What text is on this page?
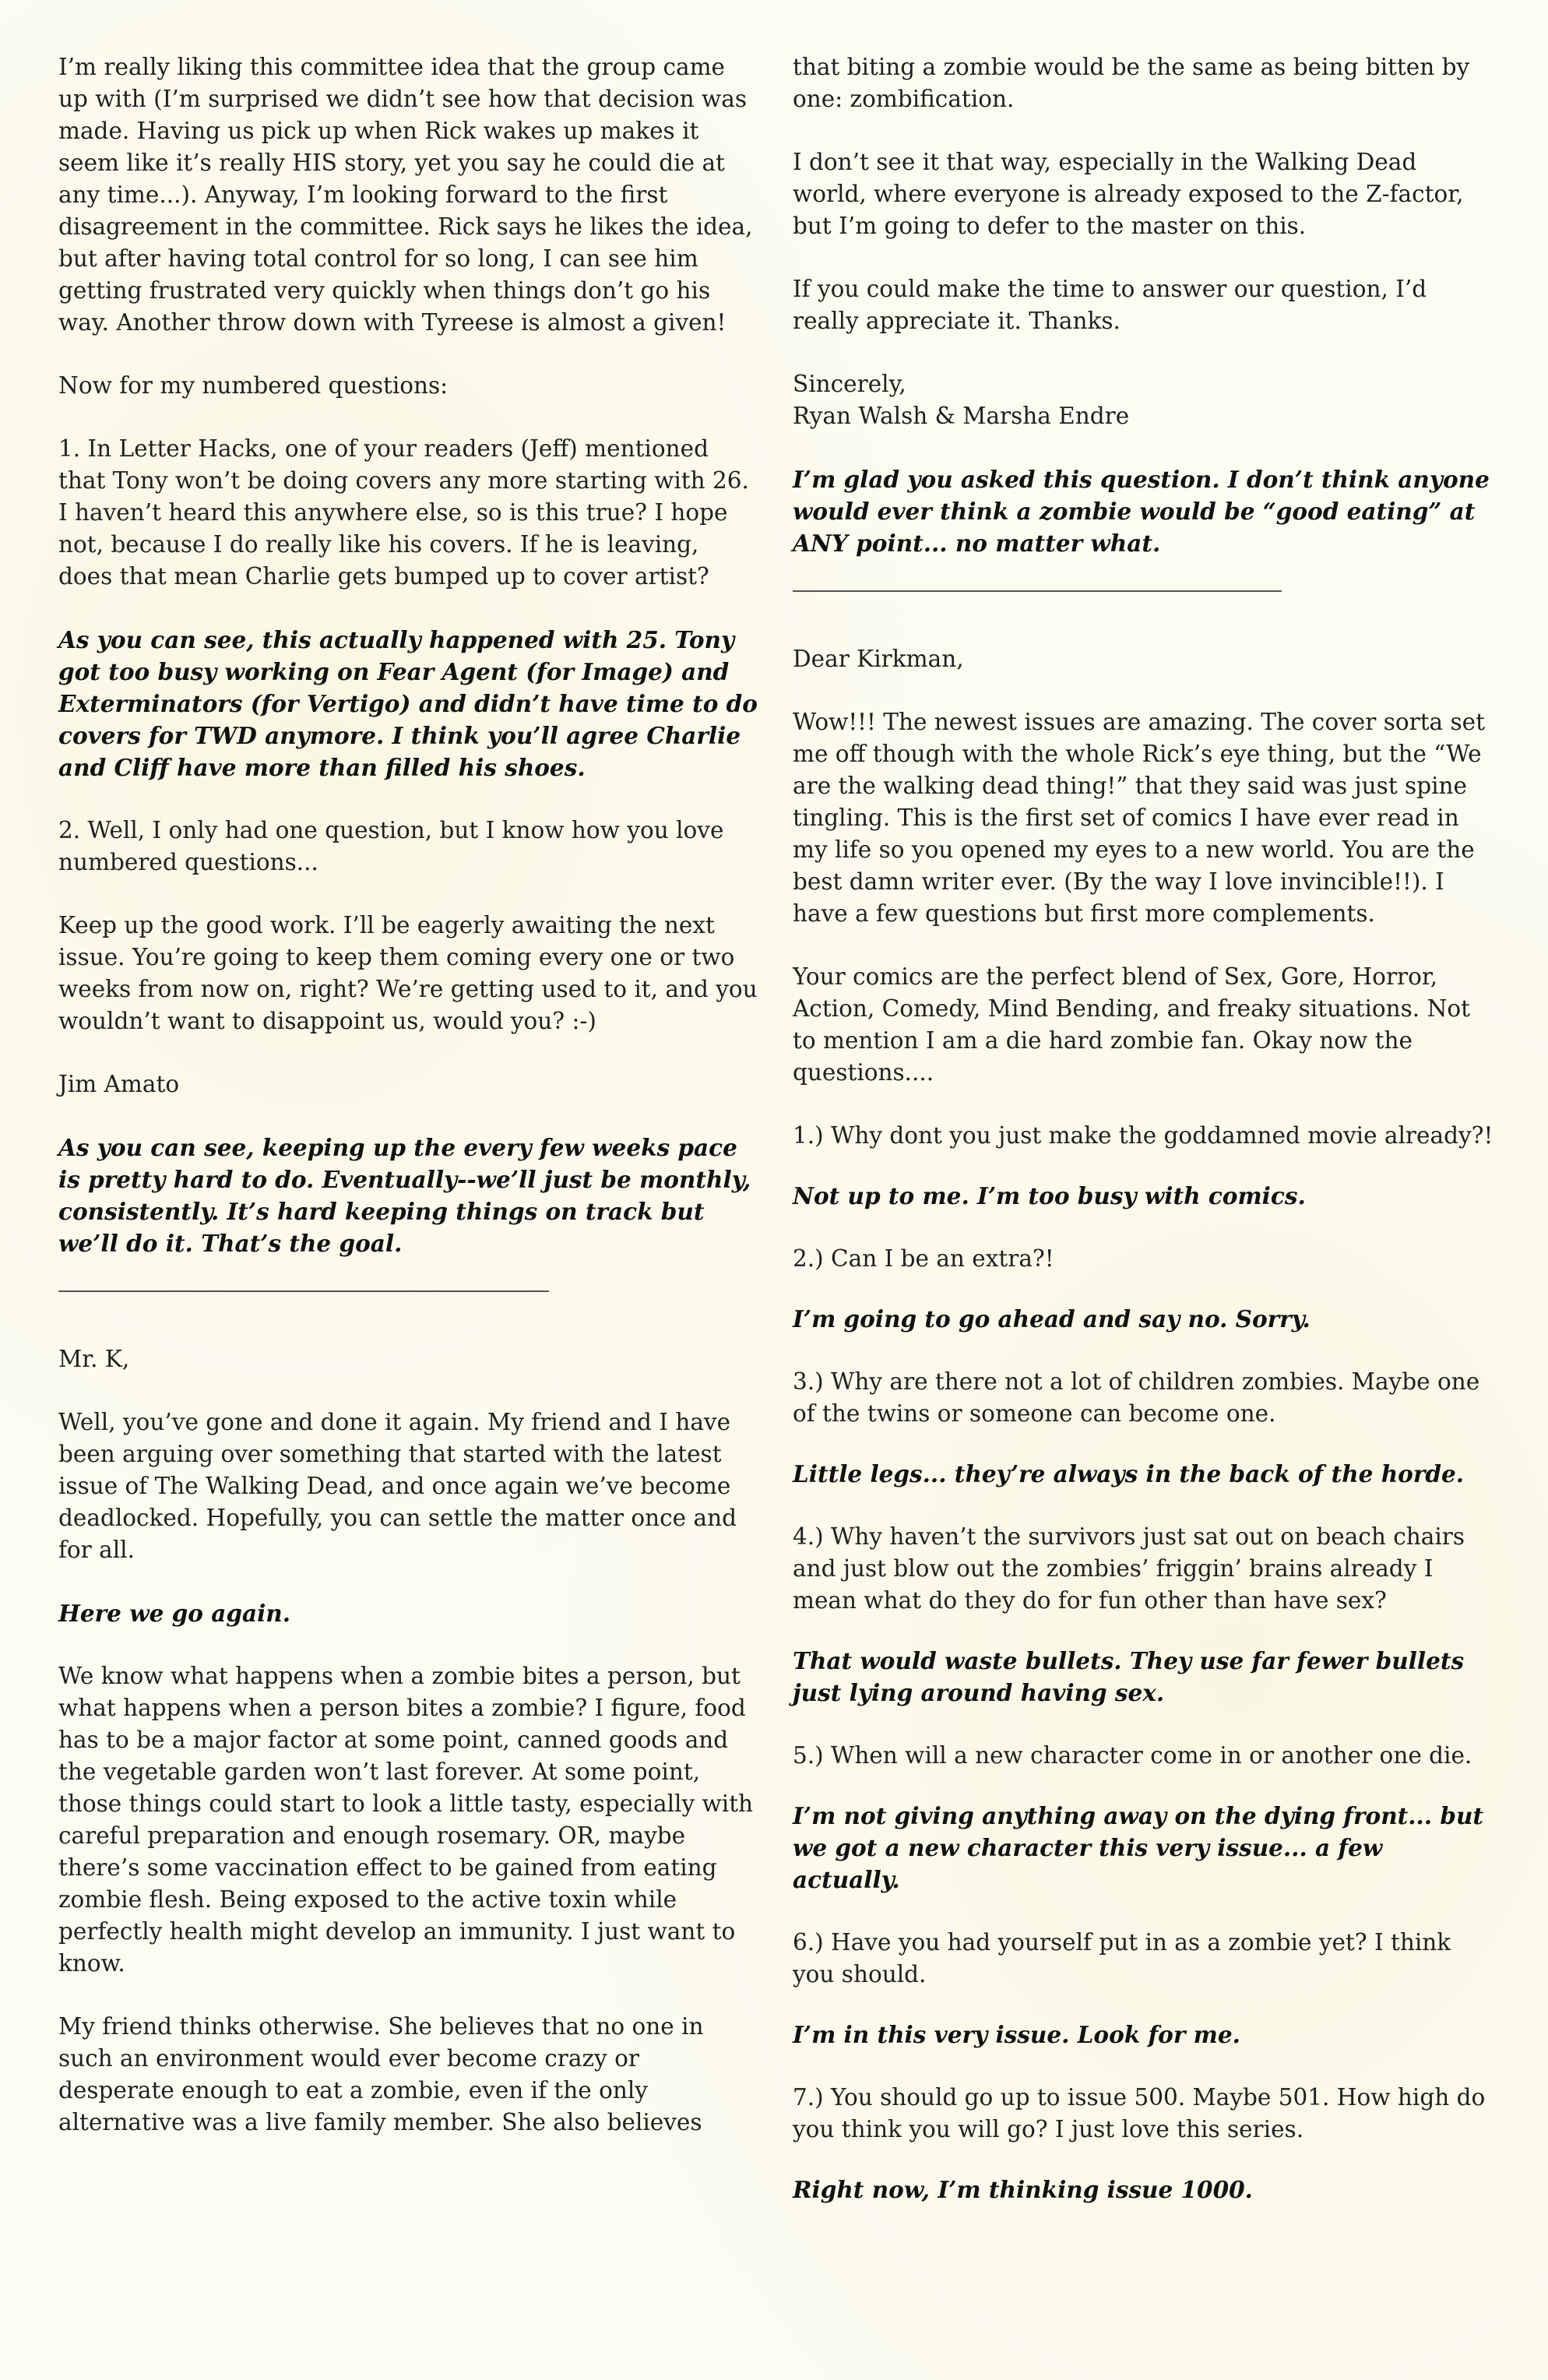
I’m really liking this committee idea that the group came up with (I’m surprised we didn’t see how that decision was made. Having us pick up when Rick wakes up makes it seem like it’s really HIS story, yet you say he could die at any time...). Anyway, I’m looking forward to the first disagreement in the committee. Rick says he likes the idea, but after having total control for so long, I can see him getting frustrated very quickly when things don’t go his way. Another throw down with Tyreese is almost a given!

Now for my numbered questions:

1. In Letter Hacks, one of your readers (Jeff) mentioned that Tony won’t be doing covers any more starting with 26. I haven’t heard this anywhere else, so is this true? I hope not, because I do really like his covers. If he is leaving, does that mean Charlie gets bumped up to cover artist?

As you can see, this actually happened with 25. Tony got too busy working on Fear Agent (for Image) and Exterminators (for Vertigo) and didn’t have time to do covers for TWD anymore. I think you’ll agree Charlie and Cliff have more than filled his shoes.

2. Well, I only had one question, but I know how you love numbered questions...

Keep up the good work. I’ll be eagerly awaiting the next issue. You’re going to keep them coming every one or two weeks from now on, right? We’re getting used to it, and you wouldn’t want to disappoint us, would you? :-)

Jim Amato

As you can see, keeping up the every few weeks pace is pretty hard to do. Eventually--we’ll just be monthly, consistently. It’s hard keeping things on track but we’ll do it. That’s the goal.

Mr. K,

Well, you’ve gone and done it again. My friend and I have been arguing over something that started with the latest issue of The Walking Dead, and once again we’ve become deadlocked. Hopefully, you can settle the matter once and for all.

Here we go again.

We know what happens when a zombie bites a person, but what happens when a person bites a zombie? I figure, food has to be a major factor at some point, canned goods and the vegetable garden won’t last forever. At some point, those things could start to look a little tasty, especially with careful preparation and enough rosemary. OR, maybe there’s some vaccination effect to be gained from eating zombie flesh. Being exposed to the active toxin while perfectly health might develop an immunity. I just want to know.

My friend thinks otherwise. She believes that no one in such an environment would ever become crazy or desperate enough to eat a zombie, even if the only alternative was a live family member. She also believes

that biting a zombie would be the same as being bitten by one: zombification.

I don’t see it that way, especially in the Walking Dead world, where everyone is already exposed to the Z-factor, but I’m going to defer to the master on this.

If you could make the time to answer our question, I’d really appreciate it. Thanks.

Sincerely,
Ryan Walsh & Marsha Endre

I’m glad you asked this question. I don’t think anyone would ever think a zombie would be “good eating” at ANY point... no matter what.

Dear Kirkman,

Wow!!! The newest issues are amazing. The cover sorta set me off though with the whole Rick’s eye thing, but the “We are the walking dead thing!” that they said was just spine tingling. This is the first set of comics I have ever read in my life so you opened my eyes to a new world. You are the best damn writer ever. (By the way I love invincible!!). I have a few questions but first more complements.

Your comics are the perfect blend of Sex, Gore, Horror, Action, Comedy, Mind Bending, and freaky situations. Not to mention I am a die hard zombie fan. Okay now the questions....

1.) Why dont you just make the goddamned movie already?!

Not up to me. I’m too busy with comics.

2.) Can I be an extra?!

I’m going to go ahead and say no. Sorry.

3.) Why are there not a lot of children zombies. Maybe one of the twins or someone can become one.

Little legs... they’re always in the back of the horde.

4.) Why haven’t the survivors just sat out on beach chairs and just blow out the zombies’ friggin’ brains already I mean what do they do for fun other than have sex?

That would waste bullets. They use far fewer bullets just lying around having sex.

5.) When will a new character come in or another one die.

I’m not giving anything away on the dying front... but we got a new character this very issue... a few actually.

6.) Have you had yourself put in as a zombie yet? I think you should.

I’m in this very issue. Look for me.

7.) You should go up to issue 500. Maybe 501. How high do you think you will go? I just love this series.

Right now, I’m thinking issue 1000.
